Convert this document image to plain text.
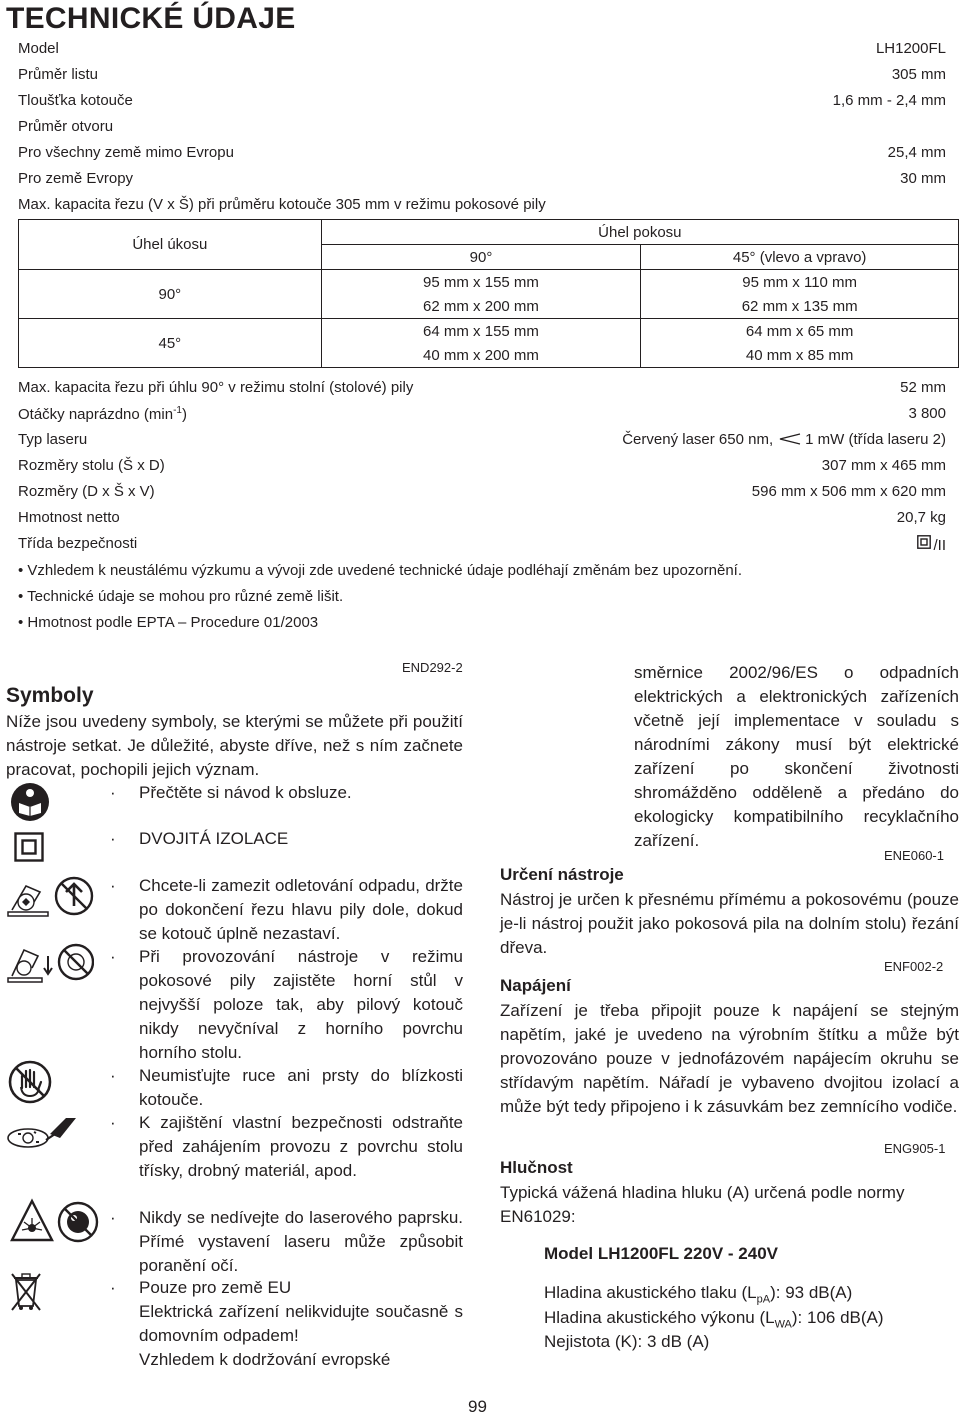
TECHNICKÉ ÚDAJE
Model	LH1200FL
Průměr listu	305 mm
Tloušťka kotouče	1,6 mm - 2,4 mm
Průměr otvoru
Pro všechny země mimo Evropu	25,4 mm
Pro země Evropy	30 mm
Max. kapacita řezu (V x Š) při průměru kotouče 305 mm v režimu pokosové pily
Úhel úkosu	Úhel pokosu	
	90°	45° (vlevo a vpravo)
90°	95 mm x 155 mm	95 mm x 110 mm
	62 mm x 200 mm	62 mm x 135 mm
45°	64 mm x 155 mm	64 mm x 65 mm
	40 mm x 200 mm	40 mm x 85 mm
Max. kapacita řezu při úhlu 90° v režimu stolní (stolové) pily	52 mm
Otáčky naprázdno $(\min^{-1})$	3 800
Typ laseru	Červený laser 650 nm, 1 mW (třída laseru 2)
Rozměry stolu (Š x D)	307 mm x 465 mm
Rozměry (D x Š x V)	596 mm x 506 mm x 620 mm
Hmotnost netto	20,7 kg
Třída bezpečnosti	/II
• Vzhledem k neustálému výzkumu a vývoji zde uvedené technické údaje podléhají změnám bez upozornění.
• Technické údaje se mohou pro různé země lišit.
• Hmotnost podle EPTA – Procedure 01/2003
END292-2
Symboly
Níže jsou uvedeny symboly, se kterými se můžete při použití nástroje setkat. Je důležité, abyste dříve, než s ním začnete pracovat, pochopili jejich význam.
· Přečtěte si návod k obsluze.
· DVOJITÁ IZOLACE
· Chcete-li zamezit odletování odpadu, držte po dokončení řezu hlavu pily dole, dokud se kotouč úplně nezastaví.
· Při provozování nástroje v režimu pokosové pily zajistěte horní stůl v nejvyšší poloze tak, aby pilový kotouč nikdy nevyčníval z horního povrchu horního stolu.
· Neumisťujte ruce ani prsty do blízkosti kotouče.
· K zajištění vlastní bezpečnosti odstraňte před zahájením provozu z povrchu stolu třísky, drobný materiál, apod.
· Nikdy se nedívejte do laserového paprsku. Přímé vystavení laseru může způsobit poranění očí.
· Pouze pro země EU
Elektrická zařízení nelikvidujte současně s domovním odpadem!
Vzhledem k dodržování evropské
směrnice 2002/96/ES o odpadních elektrických a elektronických zařízeních včetně její implementace v souladu s národními zákony musí být elektrické zařízení po skončení životnosti shromážděno odděleně a předáno do ekologicky kompatibilního recyklačního zařízení.
ENE060-1
Určení nástroje
Nástroj je určen k přesnému přímému a pokosovému (pouze je-li nástroj použit jako pokosová pila na dolním stolu) řezání dřeva.
ENF002-2
Napájení
Zařízení je třeba připojit pouze k napájení se stejným napětím, jaké je uvedeno na výrobním štítku a může být provozováno pouze v jednofázovém napájecím okruhu se střídavým napětím. Nářadí je vybaveno dvojitou izolací a může být tedy připojeno i k zásuvkám bez zemnícího vodiče.
ENG905-1
Hlučnost
Typická vážená hladina hluku (A) určená podle normy EN61029:
Model LH1200FL 220V - 240V
Hladina akustického tlaku $(L_{pA})$: 93 dB(A)
Hladina akustického výkonu $(L_{WA})$: 106 dB(A)
Nejistota (K): 3 dB (A)
99
